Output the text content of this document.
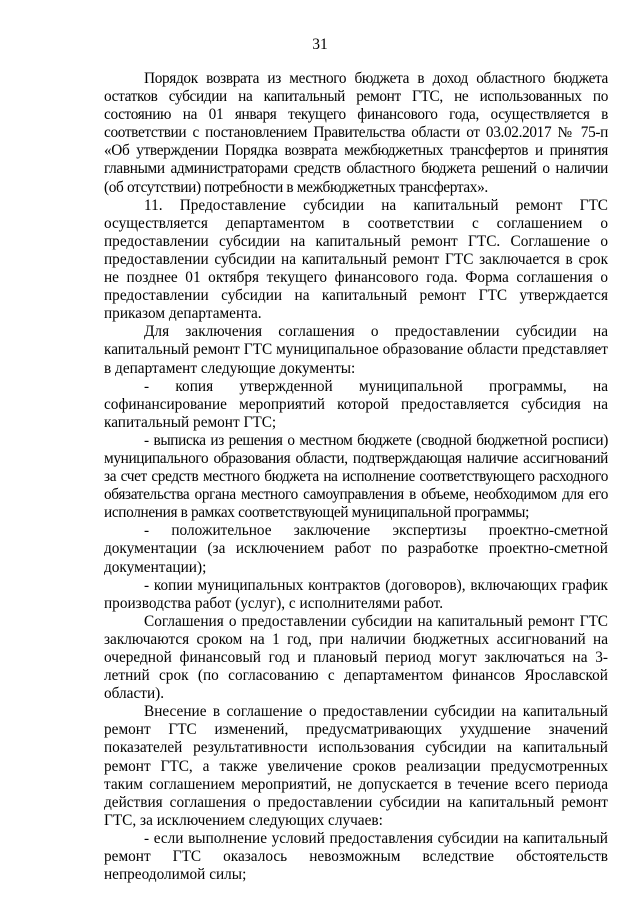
31

Порядок возврата из местного бюджета в доход областного бюджета остатков субсидии на капитальный ремонт ГТС, не использованных по состоянию на 01 января текущего финансового года, осуществляется в соответствии с постановлением Правительства области от 03.02.2017 № 75-п «Об утверждении Порядка возврата межбюджетных трансфертов и принятия главными администраторами средств областного бюджета решений о наличии (об отсутствии) потребности в межбюджетных трансфертах».

11. Предоставление субсидии на капитальный ремонт ГТС осуществляется департаментом в соответствии с соглашением о предоставлении субсидии на капитальный ремонт ГТС. Соглашение о предоставлении субсидии на капитальный ремонт ГТС заключается в срок не позднее 01 октября текущего финансового года. Форма соглашения о предоставлении субсидии на капитальный ремонт ГТС утверждается приказом департамента.

Для заключения соглашения о предоставлении субсидии на капитальный ремонт ГТС муниципальное образование области представляет в департамент следующие документы:

- копия утвержденной муниципальной программы, на софинансирование мероприятий которой предоставляется субсидия на капитальный ремонт ГТС;

- выписка из решения о местном бюджете (сводной бюджетной росписи) муниципального образования области, подтверждающая наличие ассигнований за счет средств местного бюджета на исполнение соответствующего расходного обязательства органа местного самоуправления в объеме, необходимом для его исполнения в рамках соответствующей муниципальной программы;

- положительное заключение экспертизы проектно-сметной документации (за исключением работ по разработке проектно-сметной документации);

- копии муниципальных контрактов (договоров), включающих график производства работ (услуг), с исполнителями работ.

Соглашения о предоставлении субсидии на капитальный ремонт ГТС заключаются сроком на 1 год, при наличии бюджетных ассигнований на очередной финансовый год и плановый период могут заключаться на 3-летний срок (по согласованию с департаментом финансов Ярославской области).

Внесение в соглашение о предоставлении субсидии на капитальный ремонт ГТС изменений, предусматривающих ухудшение значений показателей результативности использования субсидии на капитальный ремонт ГТС, а также увеличение сроков реализации предусмотренных таким соглашением мероприятий, не допускается в течение всего периода действия соглашения о предоставлении субсидии на капитальный ремонт ГТС, за исключением следующих случаев:

- если выполнение условий предоставления субсидии на капитальный ремонт ГТС оказалось невозможным вследствие обстоятельств непреодолимой силы;
